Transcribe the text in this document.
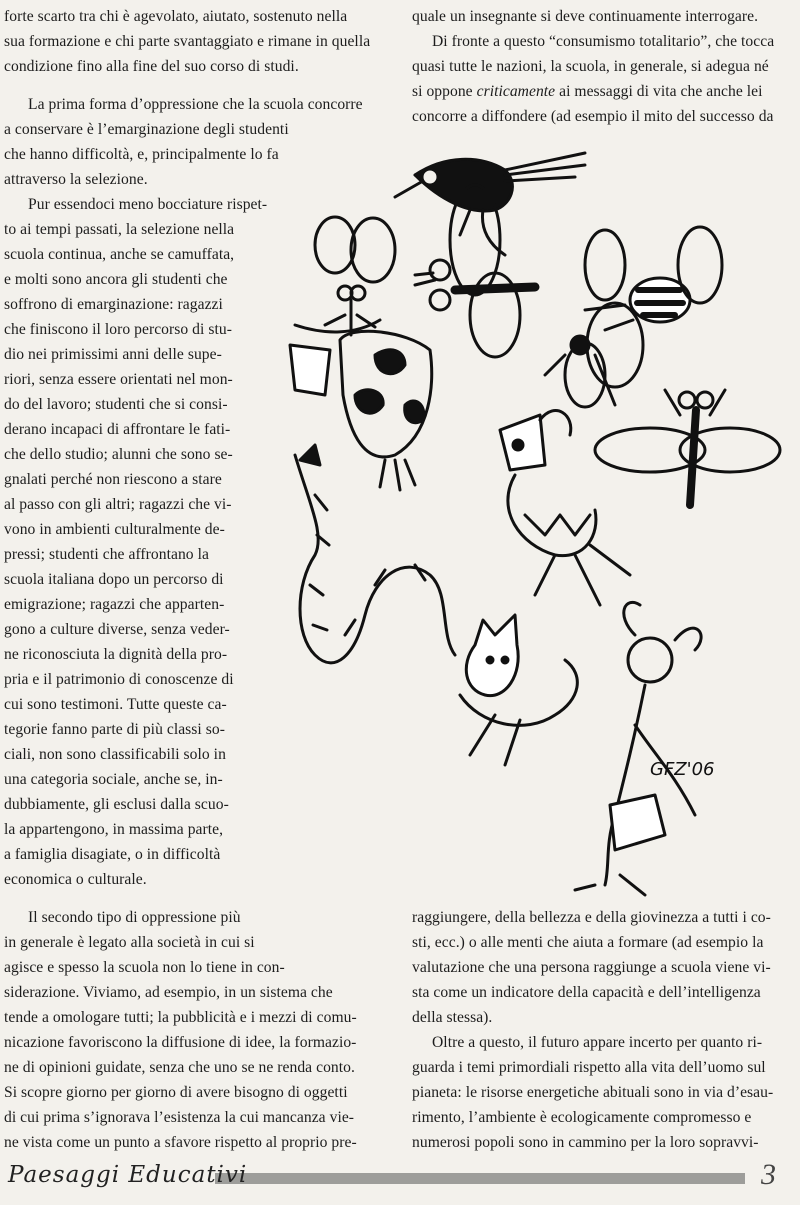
forte scarto tra chi è agevolato, aiutato, sostenuto nella
sua formazione e chi parte svantaggiato e rimane in quella
condizione fino alla fine del suo corso di studi.
La prima forma d’oppressione che la scuola concorre
a conservare è l’emarginazione degli studenti
che hanno difficoltà, e, principalmente lo fa
attraverso la selezione.
Pur essendoci meno bocciature rispet-
to ai tempi passati, la selezione nella
scuola continua, anche se camuffata,
e molti sono ancora gli studenti che
soffrono di emarginazione: ragazzi
che finiscono il loro percorso di stu-
dio nei primissimi anni delle supe-
riori, senza essere orientati nel mon-
do del lavoro; studenti che si consi-
derano incapaci di affrontare le fati-
che dello studio; alunni che sono se-
gnalati perché non riescono a stare
al passo con gli altri; ragazzi che vi-
vono in ambienti culturalmente de-
pressi; studenti che affrontano la
scuola italiana dopo un percorso di
emigrazione; ragazzi che apparten-
gono a culture diverse, senza veder-
ne riconosciuta la dignità della pro-
pria e il patrimonio di conoscenze di
cui sono testimoni. Tutte queste ca-
tegorie fanno parte di più classi so-
ciali, non sono classificabili solo in
una categoria sociale, anche se, in-
dubbiamente, gli esclusi dalla scuo-
la appartengono, in massima parte,
a famiglia disagiate, o in difficoltà
economica o culturale.
Il secondo tipo di oppressione più
in generale è legato alla società in cui si
agisce e spesso la scuola non lo tiene in con-
siderazione. Viviamo, ad esempio, in un sistema che
tende a omologare tutti; la pubblicità e i mezzi di comu-
nicazione favoriscono la diffusione di idee, la formazio-
ne di opinioni guidate, senza che uno se ne renda conto.
Si scopre giorno per giorno di avere bisogno di oggetti
di cui prima s’ignorava l’esistenza la cui mancanza vie-
ne vista come un punto a sfavore rispetto al proprio pre-
quale un insegnante si deve continuamente interrogare.
Di fronte a questo “consumismo totalitario”, che tocca
quasi tutte le nazioni, la scuola, in generale, si adegua né
si oppone criticamente ai messaggi di vita che anche lei
concorre a diffondere (ad esempio il mito del successo da
GFZ'06
raggiungere, della bellezza e della giovinezza a tutti i co-
sti, ecc.) o alle menti che aiuta a formare (ad esempio la
valutazione che una persona raggiunge a scuola viene vi-
sta come un indicatore della capacità e dell’intelligenza
della stessa).
Oltre a questo, il futuro appare incerto per quanto ri-
guarda i temi primordiali rispetto alla vita dell’uomo sul
pianeta: le risorse energetiche abituali sono in via d’esau-
rimento, l’ambiente è ecologicamente compromesso e
numerosi popoli sono in cammino per la loro sopravvi-
Paesaggi Educativi	3
